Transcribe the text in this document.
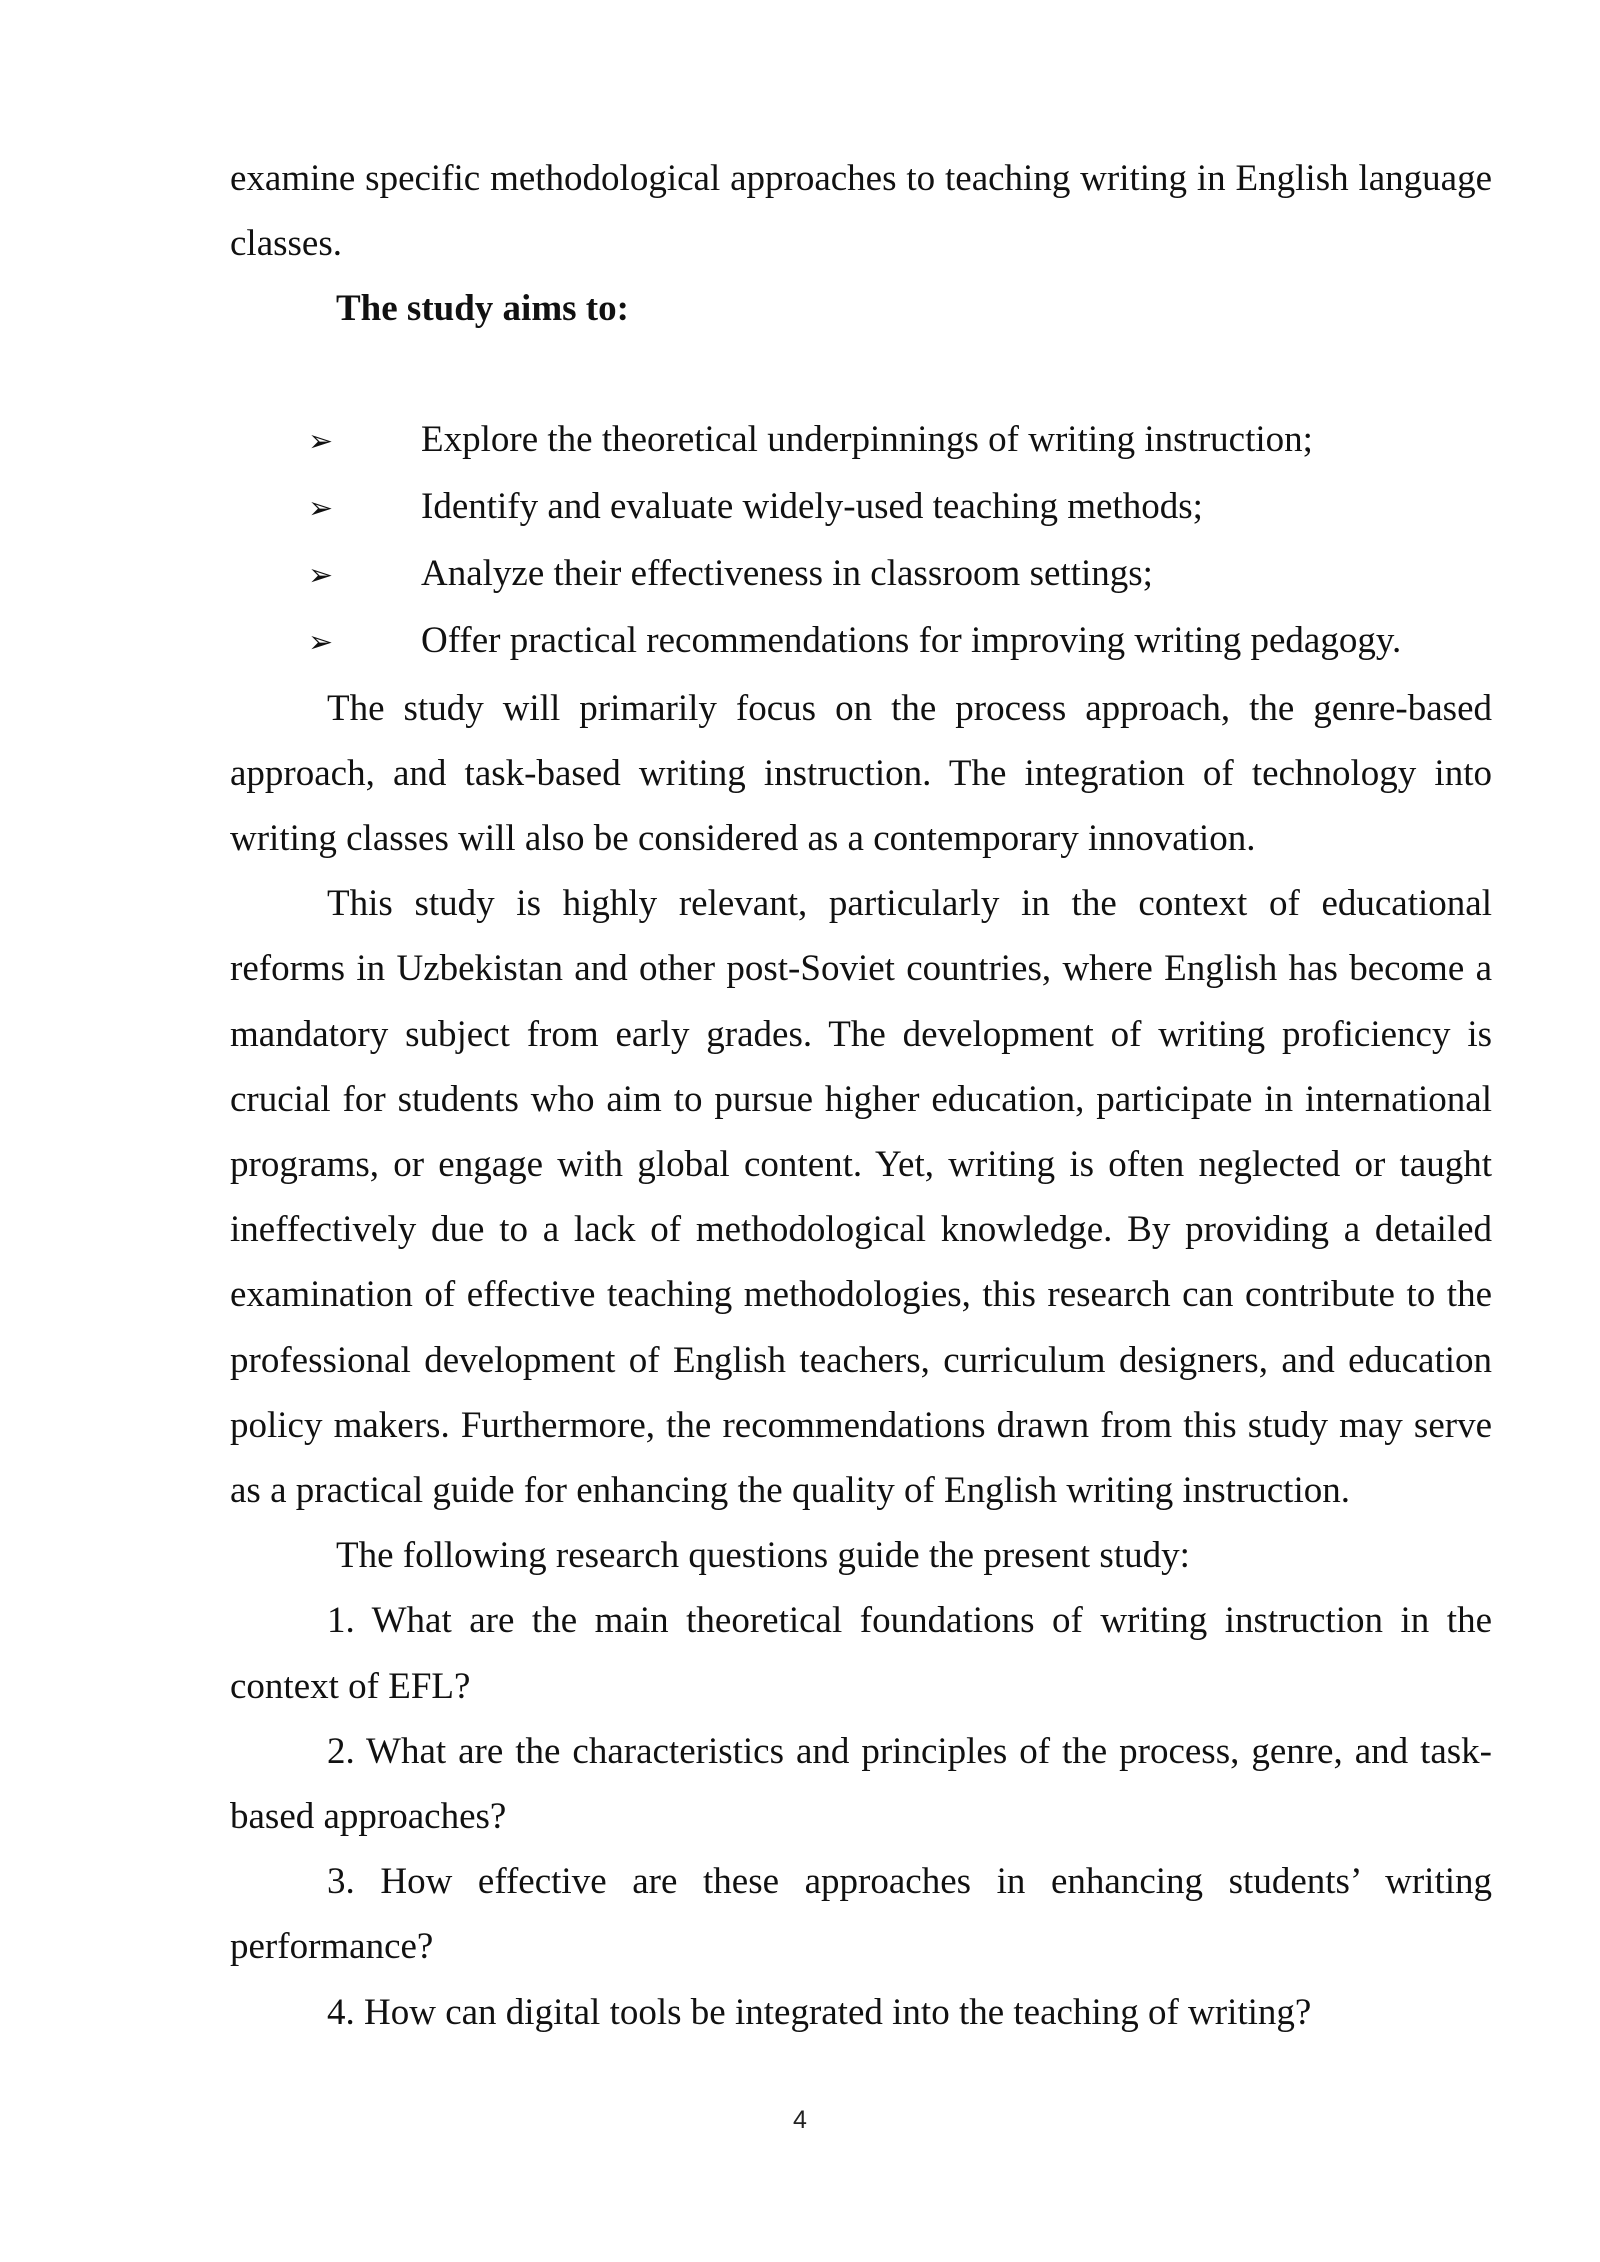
examine specific methodological approaches to teaching writing in English language classes.

The study aims to:

➢	Explore the theoretical underpinnings of writing instruction;
➢	Identify and evaluate widely-used teaching methods;
➢	Analyze their effectiveness in classroom settings;
➢	Offer practical recommendations for improving writing pedagogy.

The study will primarily focus on the process approach, the genre-based approach, and task-based writing instruction. The integration of technology into writing classes will also be considered as a contemporary innovation.

This study is highly relevant, particularly in the context of educational reforms in Uzbekistan and other post-Soviet countries, where English has become a mandatory subject from early grades. The development of writing proficiency is crucial for students who aim to pursue higher education, participate in international programs, or engage with global content. Yet, writing is often neglected or taught ineffectively due to a lack of methodological knowledge. By providing a detailed examination of effective teaching methodologies, this research can contribute to the professional development of English teachers, curriculum designers, and education policy makers. Furthermore, the recommendations drawn from this study may serve as a practical guide for enhancing the quality of English writing instruction.

The following research questions guide the present study:

1. What are the main theoretical foundations of writing instruction in the context of EFL?

2. What are the characteristics and principles of the process, genre, and task-based approaches?

3. How effective are these approaches in enhancing students’ writing performance?

4. How can digital tools be integrated into the teaching of writing?

4
